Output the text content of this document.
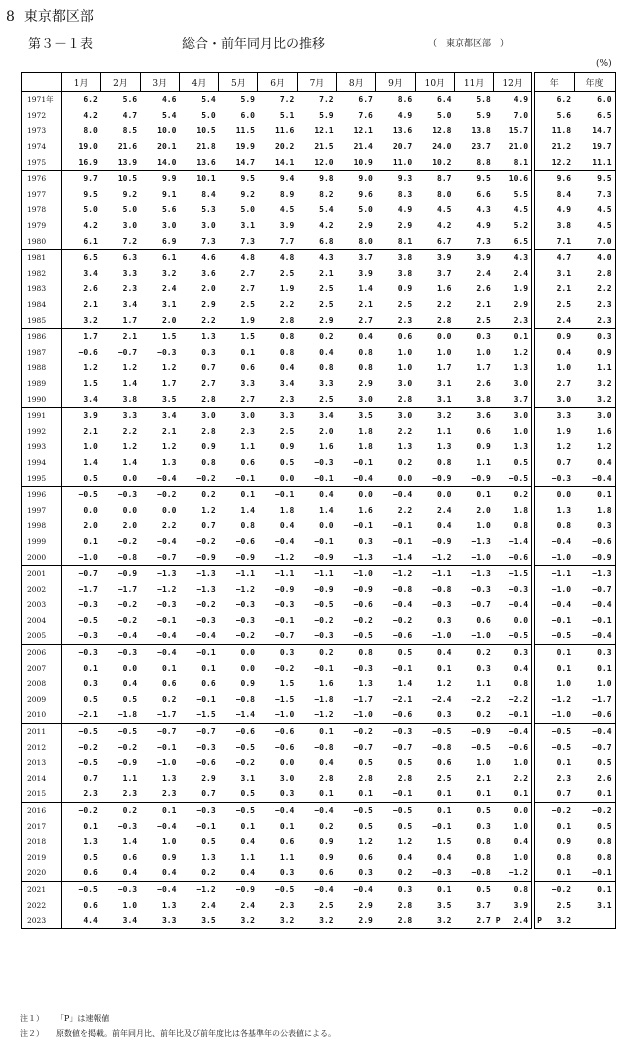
8 東京都区部
第３－１表	総合・前年同月比の推移	（　東京都区部　）
(%)
	1月	2月	3月	4月	5月	6月	7月	8月	9月	10月	11月	12月	年	年度
1971年	6.2	5.6	4.6	5.4	5.9	7.2	7.2	6.7	8.6	6.4	5.8	4.9	6.2	6.0
1972	4.2	4.7	5.4	5.0	6.0	5.1	5.9	7.6	4.9	5.0	5.9	7.0	5.6	6.5
1973	8.0	8.5	10.0	10.5	11.5	11.6	12.1	12.1	13.6	12.8	13.8	15.7	11.8	14.7
1974	19.0	21.6	20.1	21.8	19.9	20.2	21.5	21.4	20.7	24.0	23.7	21.0	21.2	19.7
1975	16.9	13.9	14.0	13.6	14.7	14.1	12.0	10.9	11.0	10.2	8.8	8.1	12.2	11.1
1976	9.7	10.5	9.9	10.1	9.5	9.4	9.8	9.0	9.3	8.7	9.5	10.6	9.6	9.5
1977	9.5	9.2	9.1	8.4	9.2	8.9	8.2	9.6	8.3	8.0	6.6	5.5	8.4	7.3
1978	5.0	5.0	5.6	5.3	5.0	4.5	5.4	5.0	4.9	4.5	4.3	4.5	4.9	4.5
1979	4.2	3.0	3.0	3.0	3.1	3.9	4.2	2.9	2.9	4.2	4.9	5.2	3.8	4.5
1980	6.1	7.2	6.9	7.3	7.3	7.7	6.8	8.0	8.1	6.7	7.3	6.5	7.1	7.0
1981	6.5	6.3	6.1	4.6	4.8	4.8	4.3	3.7	3.8	3.9	3.9	4.3	4.7	4.0
1982	3.4	3.3	3.2	3.6	2.7	2.5	2.1	3.9	3.8	3.7	2.4	2.4	3.1	2.8
1983	2.6	2.3	2.4	2.0	2.7	1.9	2.5	1.4	0.9	1.6	2.6	1.9	2.1	2.2
1984	2.1	3.4	3.1	2.9	2.5	2.2	2.5	2.1	2.5	2.2	2.1	2.9	2.5	2.3
1985	3.2	1.7	2.0	2.2	1.9	2.8	2.9	2.7	2.3	2.8	2.5	2.3	2.4	2.3
1986	1.7	2.1	1.5	1.3	1.5	0.8	0.2	0.4	0.6	0.0	0.3	0.1	0.9	0.3
1987	−0.6	−0.7	−0.3	0.3	0.1	0.8	0.4	0.8	1.0	1.0	1.0	1.2	0.4	0.9
1988	1.2	1.2	1.2	0.7	0.6	0.4	0.8	0.8	1.0	1.7	1.7	1.3	1.0	1.1
1989	1.5	1.4	1.7	2.7	3.3	3.4	3.3	2.9	3.0	3.1	2.6	3.0	2.7	3.2
1990	3.4	3.8	3.5	2.8	2.7	2.3	2.5	3.0	2.8	3.1	3.8	3.7	3.0	3.2
1991	3.9	3.3	3.4	3.0	3.0	3.3	3.4	3.5	3.0	3.2	3.6	3.0	3.3	3.0
1992	2.1	2.2	2.1	2.8	2.3	2.5	2.0	1.8	2.2	1.1	0.6	1.0	1.9	1.6
1993	1.0	1.2	1.2	0.9	1.1	0.9	1.6	1.8	1.3	1.3	0.9	1.3	1.2	1.2
1994	1.4	1.4	1.3	0.8	0.6	0.5	−0.3	−0.1	0.2	0.8	1.1	0.5	0.7	0.4
1995	0.5	0.0	−0.4	−0.2	−0.1	0.0	−0.1	−0.4	0.0	−0.9	−0.9	−0.5	−0.3	−0.4
1996	−0.5	−0.3	−0.2	0.2	0.1	−0.1	0.4	0.0	−0.4	0.0	0.1	0.2	0.0	0.1
1997	0.0	0.0	0.0	1.2	1.4	1.8	1.4	1.6	2.2	2.4	2.0	1.8	1.3	1.8
1998	2.0	2.0	2.2	0.7	0.8	0.4	0.0	−0.1	−0.1	0.4	1.0	0.8	0.8	0.3
1999	0.1	−0.2	−0.4	−0.2	−0.6	−0.4	−0.1	0.3	−0.1	−0.9	−1.3	−1.4	−0.4	−0.6
2000	−1.0	−0.8	−0.7	−0.9	−0.9	−1.2	−0.9	−1.3	−1.4	−1.2	−1.0	−0.6	−1.0	−0.9
2001	−0.7	−0.9	−1.3	−1.3	−1.1	−1.1	−1.1	−1.0	−1.2	−1.1	−1.3	−1.5	−1.1	−1.3
2002	−1.7	−1.7	−1.2	−1.3	−1.2	−0.9	−0.9	−0.9	−0.8	−0.8	−0.3	−0.3	−1.0	−0.7
2003	−0.3	−0.2	−0.3	−0.2	−0.3	−0.3	−0.5	−0.6	−0.4	−0.3	−0.7	−0.4	−0.4	−0.4
2004	−0.5	−0.2	−0.1	−0.3	−0.3	−0.1	−0.2	−0.2	−0.2	0.3	0.6	0.0	−0.1	−0.1
2005	−0.3	−0.4	−0.4	−0.4	−0.2	−0.7	−0.3	−0.5	−0.6	−1.0	−1.0	−0.5	−0.5	−0.4
2006	−0.3	−0.3	−0.4	−0.1	0.0	0.3	0.2	0.8	0.5	0.4	0.2	0.3	0.1	0.3
2007	0.1	0.0	0.1	0.1	0.0	−0.2	−0.1	−0.3	−0.1	0.1	0.3	0.4	0.1	0.1
2008	0.3	0.4	0.6	0.6	0.9	1.5	1.6	1.3	1.4	1.2	1.1	0.8	1.0	1.0
2009	0.5	0.5	0.2	−0.1	−0.8	−1.5	−1.8	−1.7	−2.1	−2.4	−2.2	−2.2	−1.2	−1.7
2010	−2.1	−1.8	−1.7	−1.5	−1.4	−1.0	−1.2	−1.0	−0.6	0.3	0.2	−0.1	−1.0	−0.6
2011	−0.5	−0.5	−0.7	−0.7	−0.6	−0.6	0.1	−0.2	−0.3	−0.5	−0.9	−0.4	−0.5	−0.4
2012	−0.2	−0.2	−0.1	−0.3	−0.5	−0.6	−0.8	−0.7	−0.7	−0.8	−0.5	−0.6	−0.5	−0.7
2013	−0.5	−0.9	−1.0	−0.6	−0.2	0.0	0.4	0.5	0.5	0.6	1.0	1.0	0.1	0.5
2014	0.7	1.1	1.3	2.9	3.1	3.0	2.8	2.8	2.8	2.5	2.1	2.2	2.3	2.6
2015	2.3	2.3	2.3	0.7	0.5	0.3	0.1	0.1	−0.1	0.1	0.1	0.1	0.7	0.1
2016	−0.2	0.2	0.1	−0.3	−0.5	−0.4	−0.4	−0.5	−0.5	0.1	0.5	0.0	−0.2	−0.2
2017	0.1	−0.3	−0.4	−0.1	0.1	0.1	0.2	0.5	0.5	−0.1	0.3	1.0	0.1	0.5
2018	1.3	1.4	1.0	0.5	0.4	0.6	0.9	1.2	1.2	1.5	0.8	0.4	0.9	0.8
2019	0.5	0.6	0.9	1.3	1.1	1.1	0.9	0.6	0.4	0.4	0.8	1.0	0.8	0.8
2020	0.6	0.4	0.4	0.2	0.4	0.3	0.6	0.3	0.2	−0.3	−0.8	−1.2	0.1	−0.1
2021	−0.5	−0.3	−0.4	−1.2	−0.9	−0.5	−0.4	−0.4	0.3	0.1	0.5	0.8	−0.2	0.1
2022	0.6	1.0	1.3	2.4	2.4	2.3	2.5	2.9	2.8	3.5	3.7	3.9	2.5	3.1
2023	4.4	3.4	3.3	3.5	3.2	3.2	3.2	2.9	2.8	3.2	2.7	P 2.4	P 3.2	
注１） 「P」は速報値
注２） 原数値を掲載。前年同月比、前年比及び前年度比は各基準年の公表値による。
